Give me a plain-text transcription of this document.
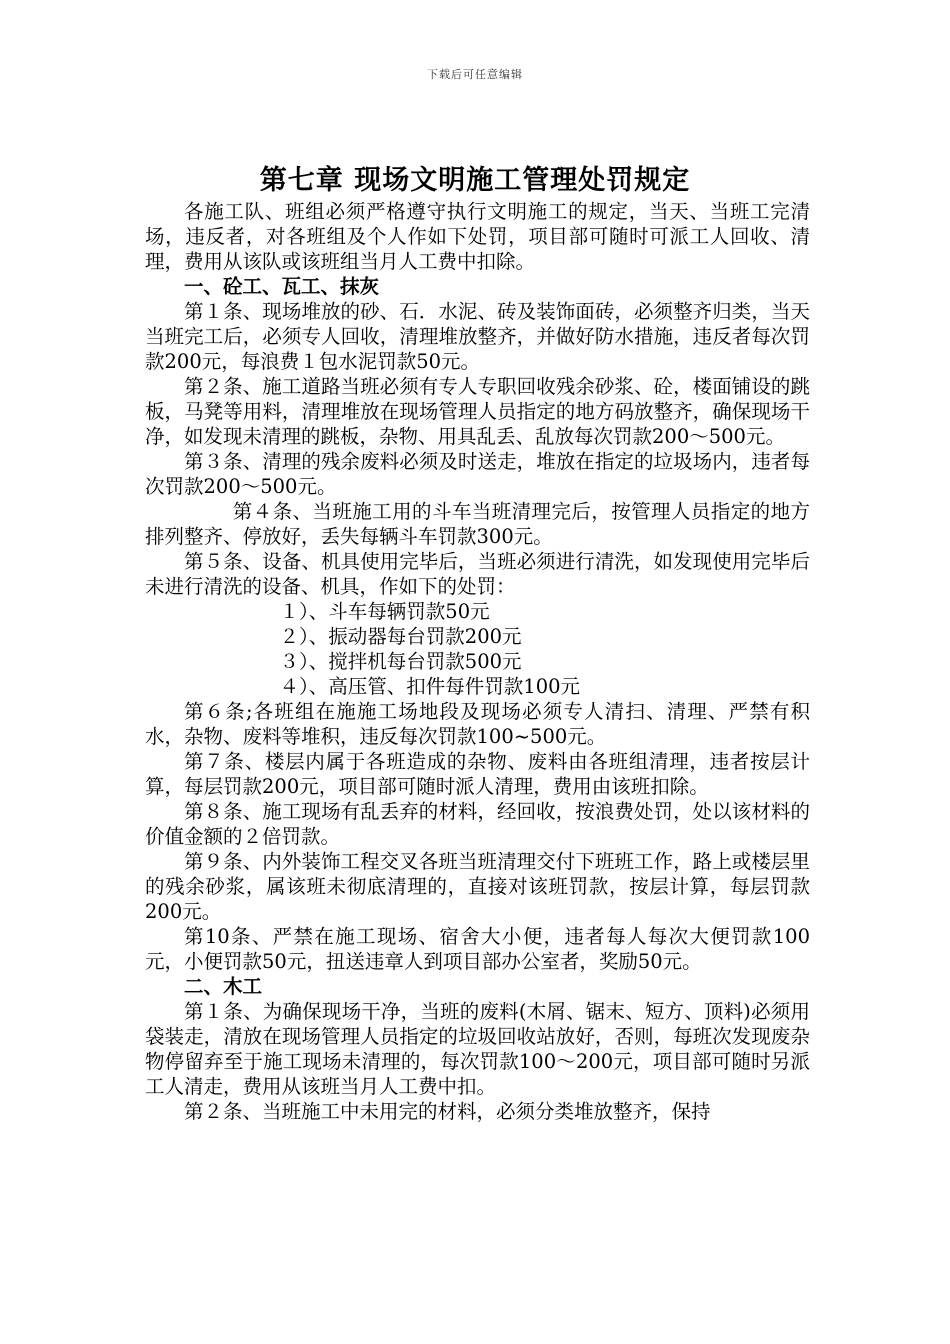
下载后可任意编辑
第七章 现场文明施工管理处罚规定

各施工队、班组必须严格遵守执行文明施工的规定，当天、当班工完清场，违反者，对各班组及个人作如下处罚，项目部可随时可派工人回收、清理，费用从该队或该班组当月人工费中扣除。

一、砼工、瓦工、抹灰

第１条、现场堆放的砂、石．水泥、砖及装饰面砖，必须整齐归类，当天当班完工后，必须专人回收，清理堆放整齐，并做好防水措施，违反者每次罚款200元，每浪费１包水泥罚款50元。

第２条、施工道路当班必须有专人专职回收残余砂浆、砼，楼面铺设的跳板，马凳等用料，清理堆放在现场管理人员指定的地方码放整齐，确保现场干净，如发现未清理的跳板，杂物、用具乱丢、乱放每次罚款200～500元。

第３条、清理的残余废料必须及时送走，堆放在指定的垃圾场内，违者每次罚款200～500元。

第４条、当班施工用的斗车当班清理完后，按管理人员指定的地方排列整齐、停放好，丢失每辆斗车罚款300元。

第５条、设备、机具使用完毕后，当班必须进行清洗，如发现使用完毕后未进行清洗的设备、机具，作如下的处罚：

１）、斗车每辆罚款50元

２）、振动器每台罚款200元

３）、搅拌机每台罚款500元

４）、高压管、扣件每件罚款100元

第６条;各班组在施施工场地段及现场必须专人清扫、清理、严禁有积水，杂物、废料等堆积，违反每次罚款100~500元。

第７条、楼层内属于各班造成的杂物、废料由各班组清理，违者按层计算，每层罚款200元，项目部可随时派人清理，费用由该班扣除。

第８条、施工现场有乱丢弃的材料，经回收，按浪费处罚，处以该材料的价值金额的２倍罚款。

第９条、内外装饰工程交叉各班当班清理交付下班班工作，路上或楼层里的残余砂浆，属该班未彻底清理的，直接对该班罚款，按层计算，每层罚款200元。

第10条、严禁在施工现场、宿舍大小便，违者每人每次大便罚款100元，小便罚款50元，扭送违章人到项目部办公室者，奖励50元。

二、木工

第１条、为确保现场干净，当班的废料(木屑、锯末、短方、顶料)必须用袋装走，清放在现场管理人员指定的垃圾回收站放好，否则，每班次发现废杂物停留弃至于施工现场未清理的，每次罚款100～200元，项目部可随时另派工人清走，费用从该班当月人工费中扣。

第２条、当班施工中未用完的材料，必须分类堆放整齐，保持
